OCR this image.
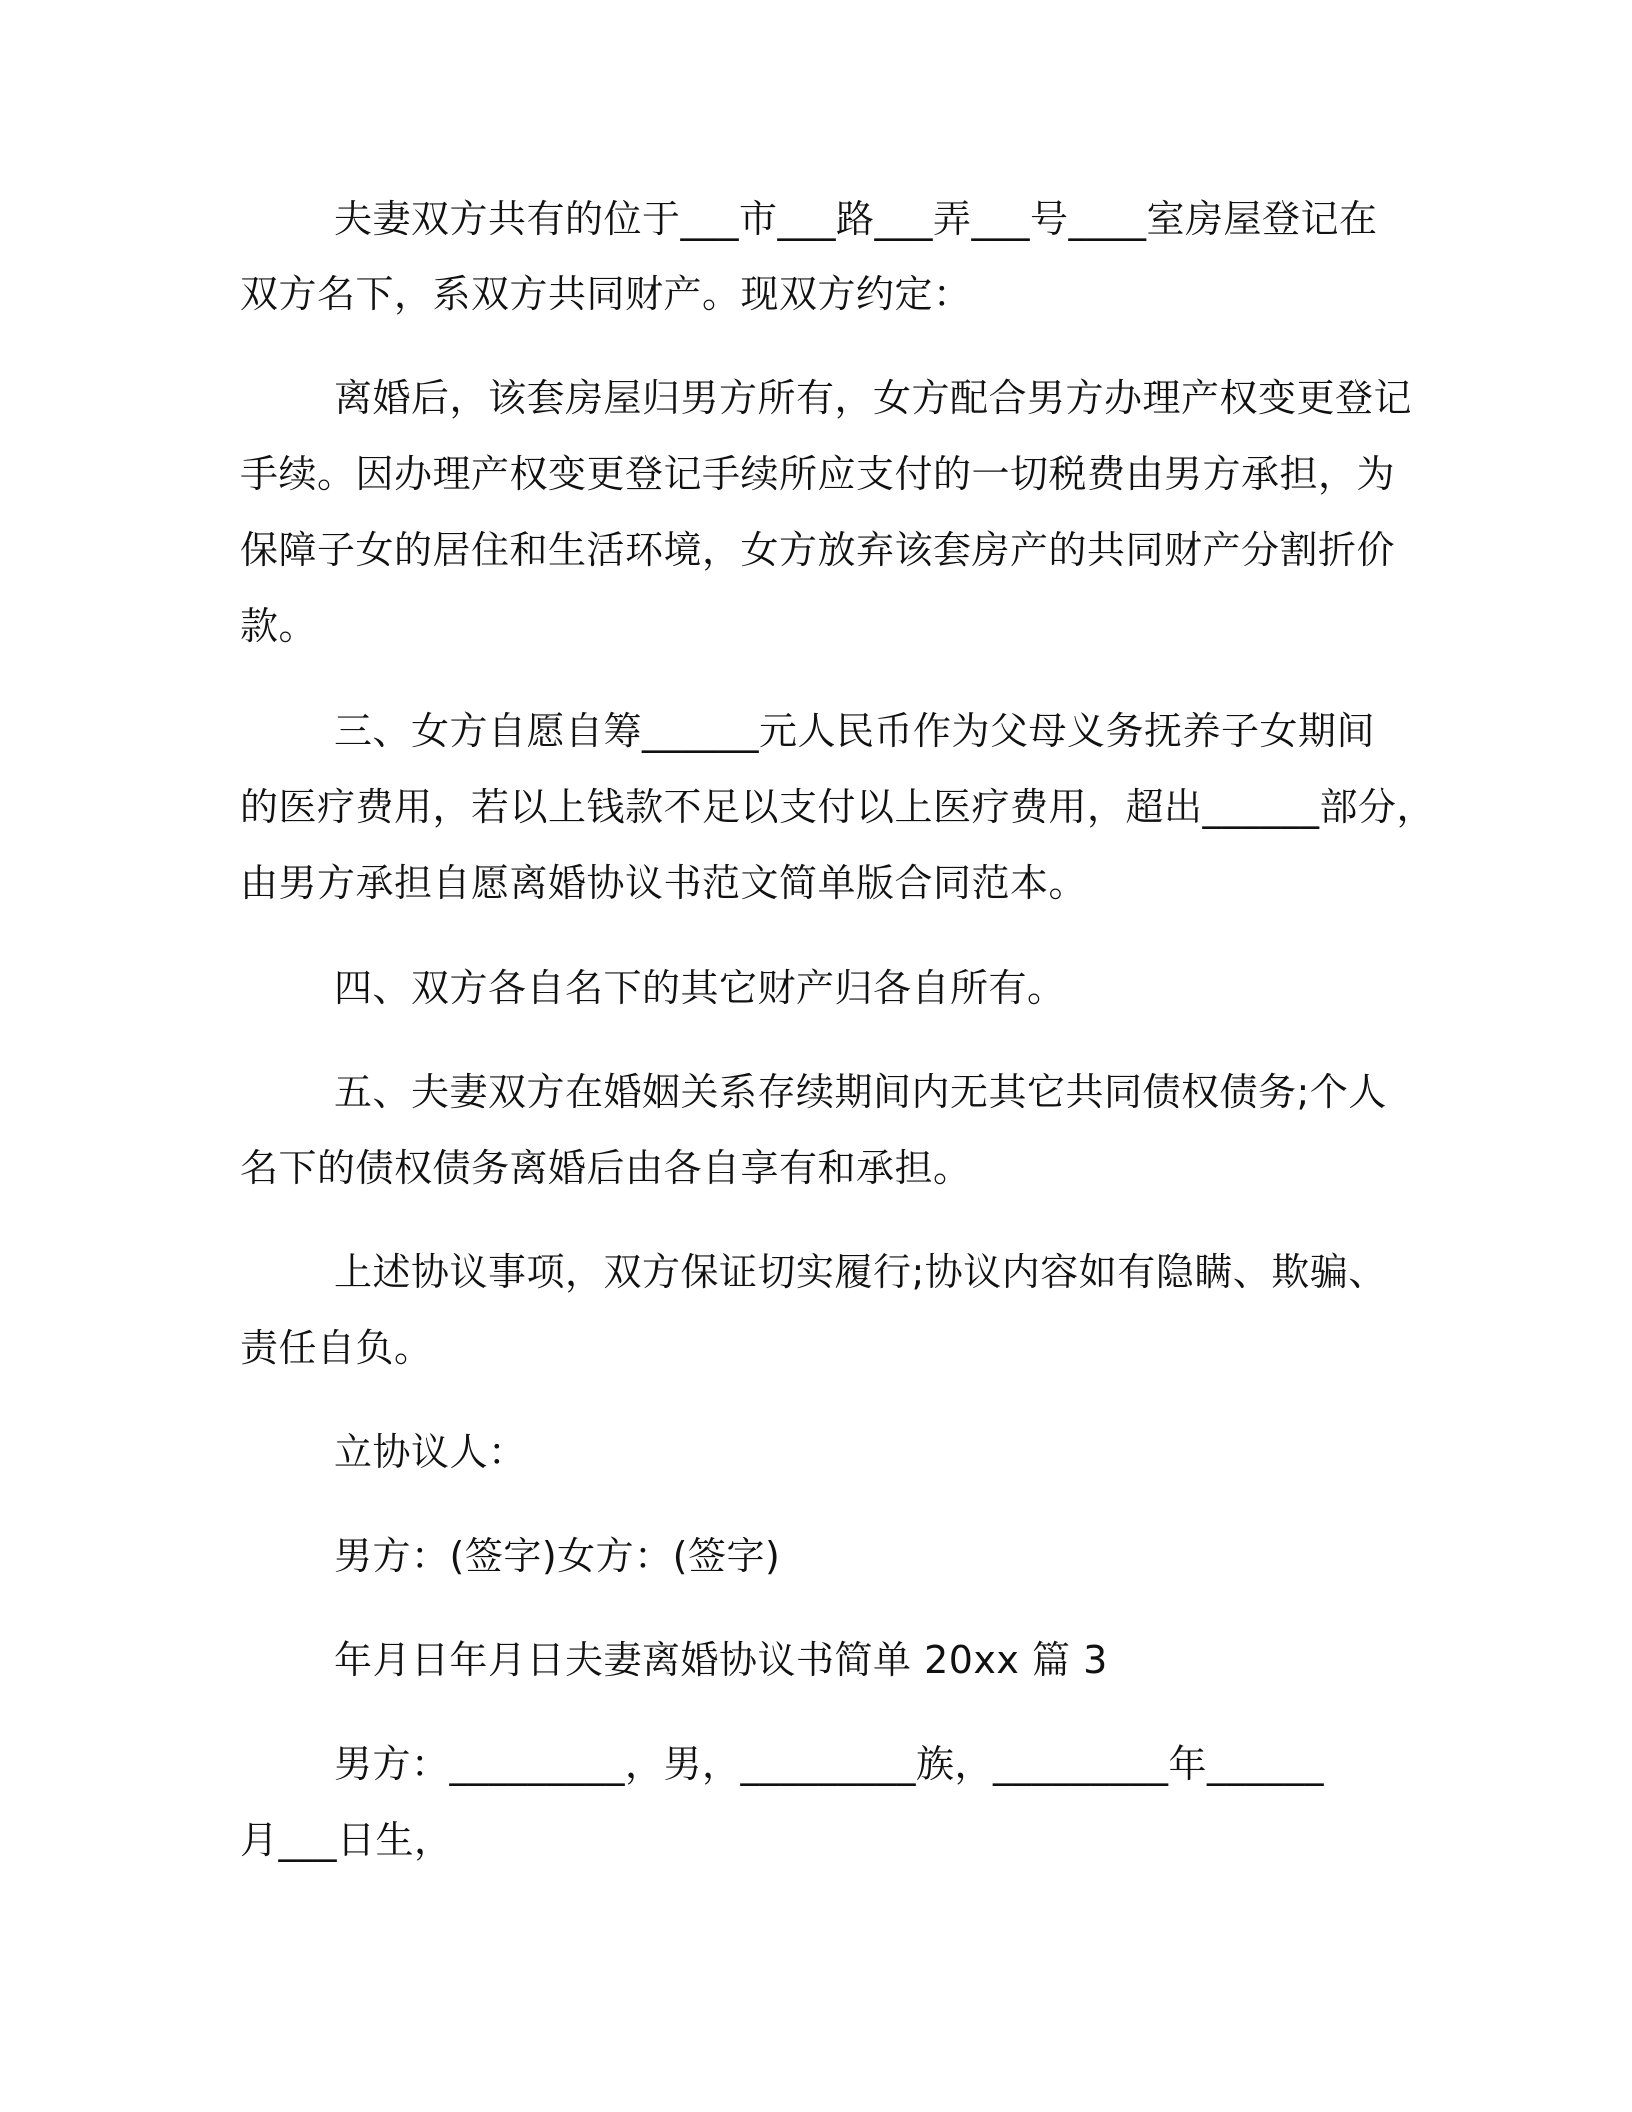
夫妻双方共有的位于___市___路___弄___号____室房屋登记在

双方名下，系双方共同财产。现双方约定：

离婚后，该套房屋归男方所有，女方配合男方办理产权变更登记

手续。因办理产权变更登记手续所应支付的一切税费由男方承担，为

保障子女的居住和生活环境，女方放弃该套房产的共同财产分割折价

款。

三、女方自愿自筹______元人民币作为父母义务抚养子女期间

的医疗费用，若以上钱款不足以支付以上医疗费用，超出______部分，

由男方承担自愿离婚协议书范文简单版合同范本。

四、双方各自名下的其它财产归各自所有。

五、夫妻双方在婚姻关系存续期间内无其它共同债权债务;个人

名下的债权债务离婚后由各自享有和承担。

上述协议事项，双方保证切实履行;协议内容如有隐瞒、欺骗、

责任自负。

立协议人：

男方：(签字)女方：(签字)

年月日年月日夫妻离婚协议书简单 20xx 篇 3

男方：_________，男，_________族，_________年______

月___日生，
